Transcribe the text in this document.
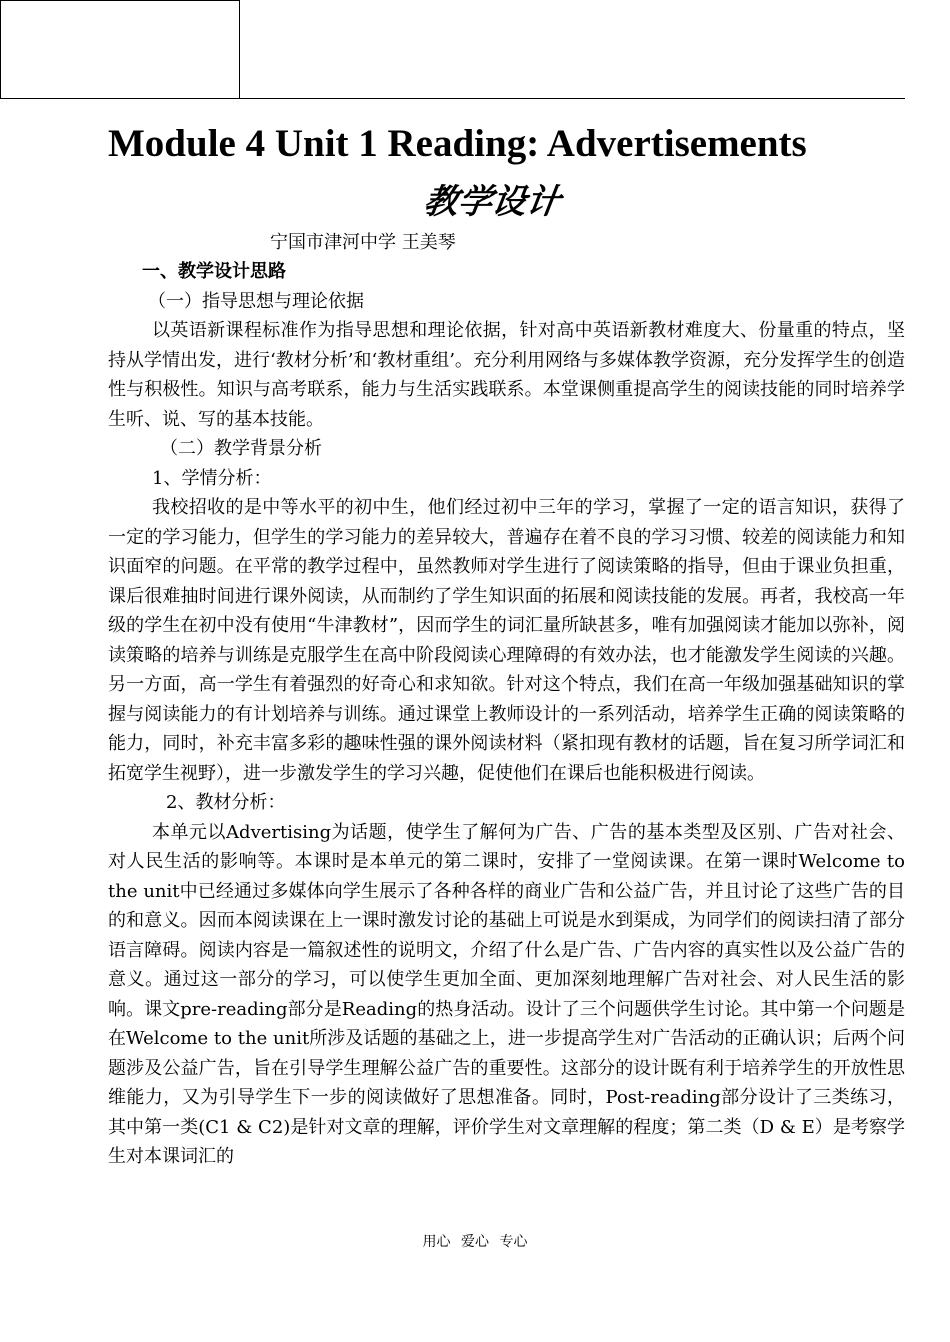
Module 4 Unit 1 Reading: Advertisements
教学设计
宁国市津河中学 王美琴

一、教学设计思路

（一）指导思想与理论依据

以英语新课程标准作为指导思想和理论依据，针对高中英语新教材难度大、份量重的特点，坚持从学情出发，进行‘教材分析’和‘教材重组’。充分利用网络与多媒体教学资源，充分发挥学生的创造性与积极性。知识与高考联系，能力与生活实践联系。本堂课侧重提高学生的阅读技能的同时培养学生听、说、写的基本技能。

（二）教学背景分析

1、学情分析：

我校招收的是中等水平的初中生，他们经过初中三年的学习，掌握了一定的语言知识，获得了一定的学习能力，但学生的学习能力的差异较大，普遍存在着不良的学习习惯、较差的阅读能力和知识面窄的问题。在平常的教学过程中，虽然教师对学生进行了阅读策略的指导，但由于课业负担重，课后很难抽时间进行课外阅读，从而制约了学生知识面的拓展和阅读技能的发展。再者，我校高一年级的学生在初中没有使用“牛津教材”，因而学生的词汇量所缺甚多，唯有加强阅读才能加以弥补，阅读策略的培养与训练是克服学生在高中阶段阅读心理障碍的有效办法，也才能激发学生阅读的兴趣。另一方面，高一学生有着强烈的好奇心和求知欲。针对这个特点，我们在高一年级加强基础知识的掌握与阅读能力的有计划培养与训练。通过课堂上教师设计的一系列活动，培养学生正确的阅读策略的能力，同时，补充丰富多彩的趣味性强的课外阅读材料（紧扣现有教材的话题，旨在复习所学词汇和拓宽学生视野），进一步激发学生的学习兴趣，促使他们在课后也能积极进行阅读。

2、教材分析：

本单元以Advertising为话题，使学生了解何为广告、广告的基本类型及区别、广告对社会、对人民生活的影响等。本课时是本单元的第二课时，安排了一堂阅读课。在第一课时Welcome to the unit中已经通过多媒体向学生展示了各种各样的商业广告和公益广告，并且讨论了这些广告的目的和意义。因而本阅读课在上一课时激发讨论的基础上可说是水到渠成，为同学们的阅读扫清了部分语言障碍。阅读内容是一篇叙述性的说明文，介绍了什么是广告、广告内容的真实性以及公益广告的意义。通过这一部分的学习，可以使学生更加全面、更加深刻地理解广告对社会、对人民生活的影响。课文pre-reading部分是Reading的热身活动。设计了三个问题供学生讨论。其中第一个问题是在Welcome to the unit所涉及话题的基础之上，进一步提高学生对广告活动的正确认识；后两个问题涉及公益广告，旨在引导学生理解公益广告的重要性。这部分的设计既有利于培养学生的开放性思维能力，又为引导学生下一步的阅读做好了思想准备。同时，Post-reading部分设计了三类练习，其中第一类(C1 & C2)是针对文章的理解，评价学生对文章理解的程度；第二类（D & E）是考察学生对本课词汇的

用心 爱心 专心
